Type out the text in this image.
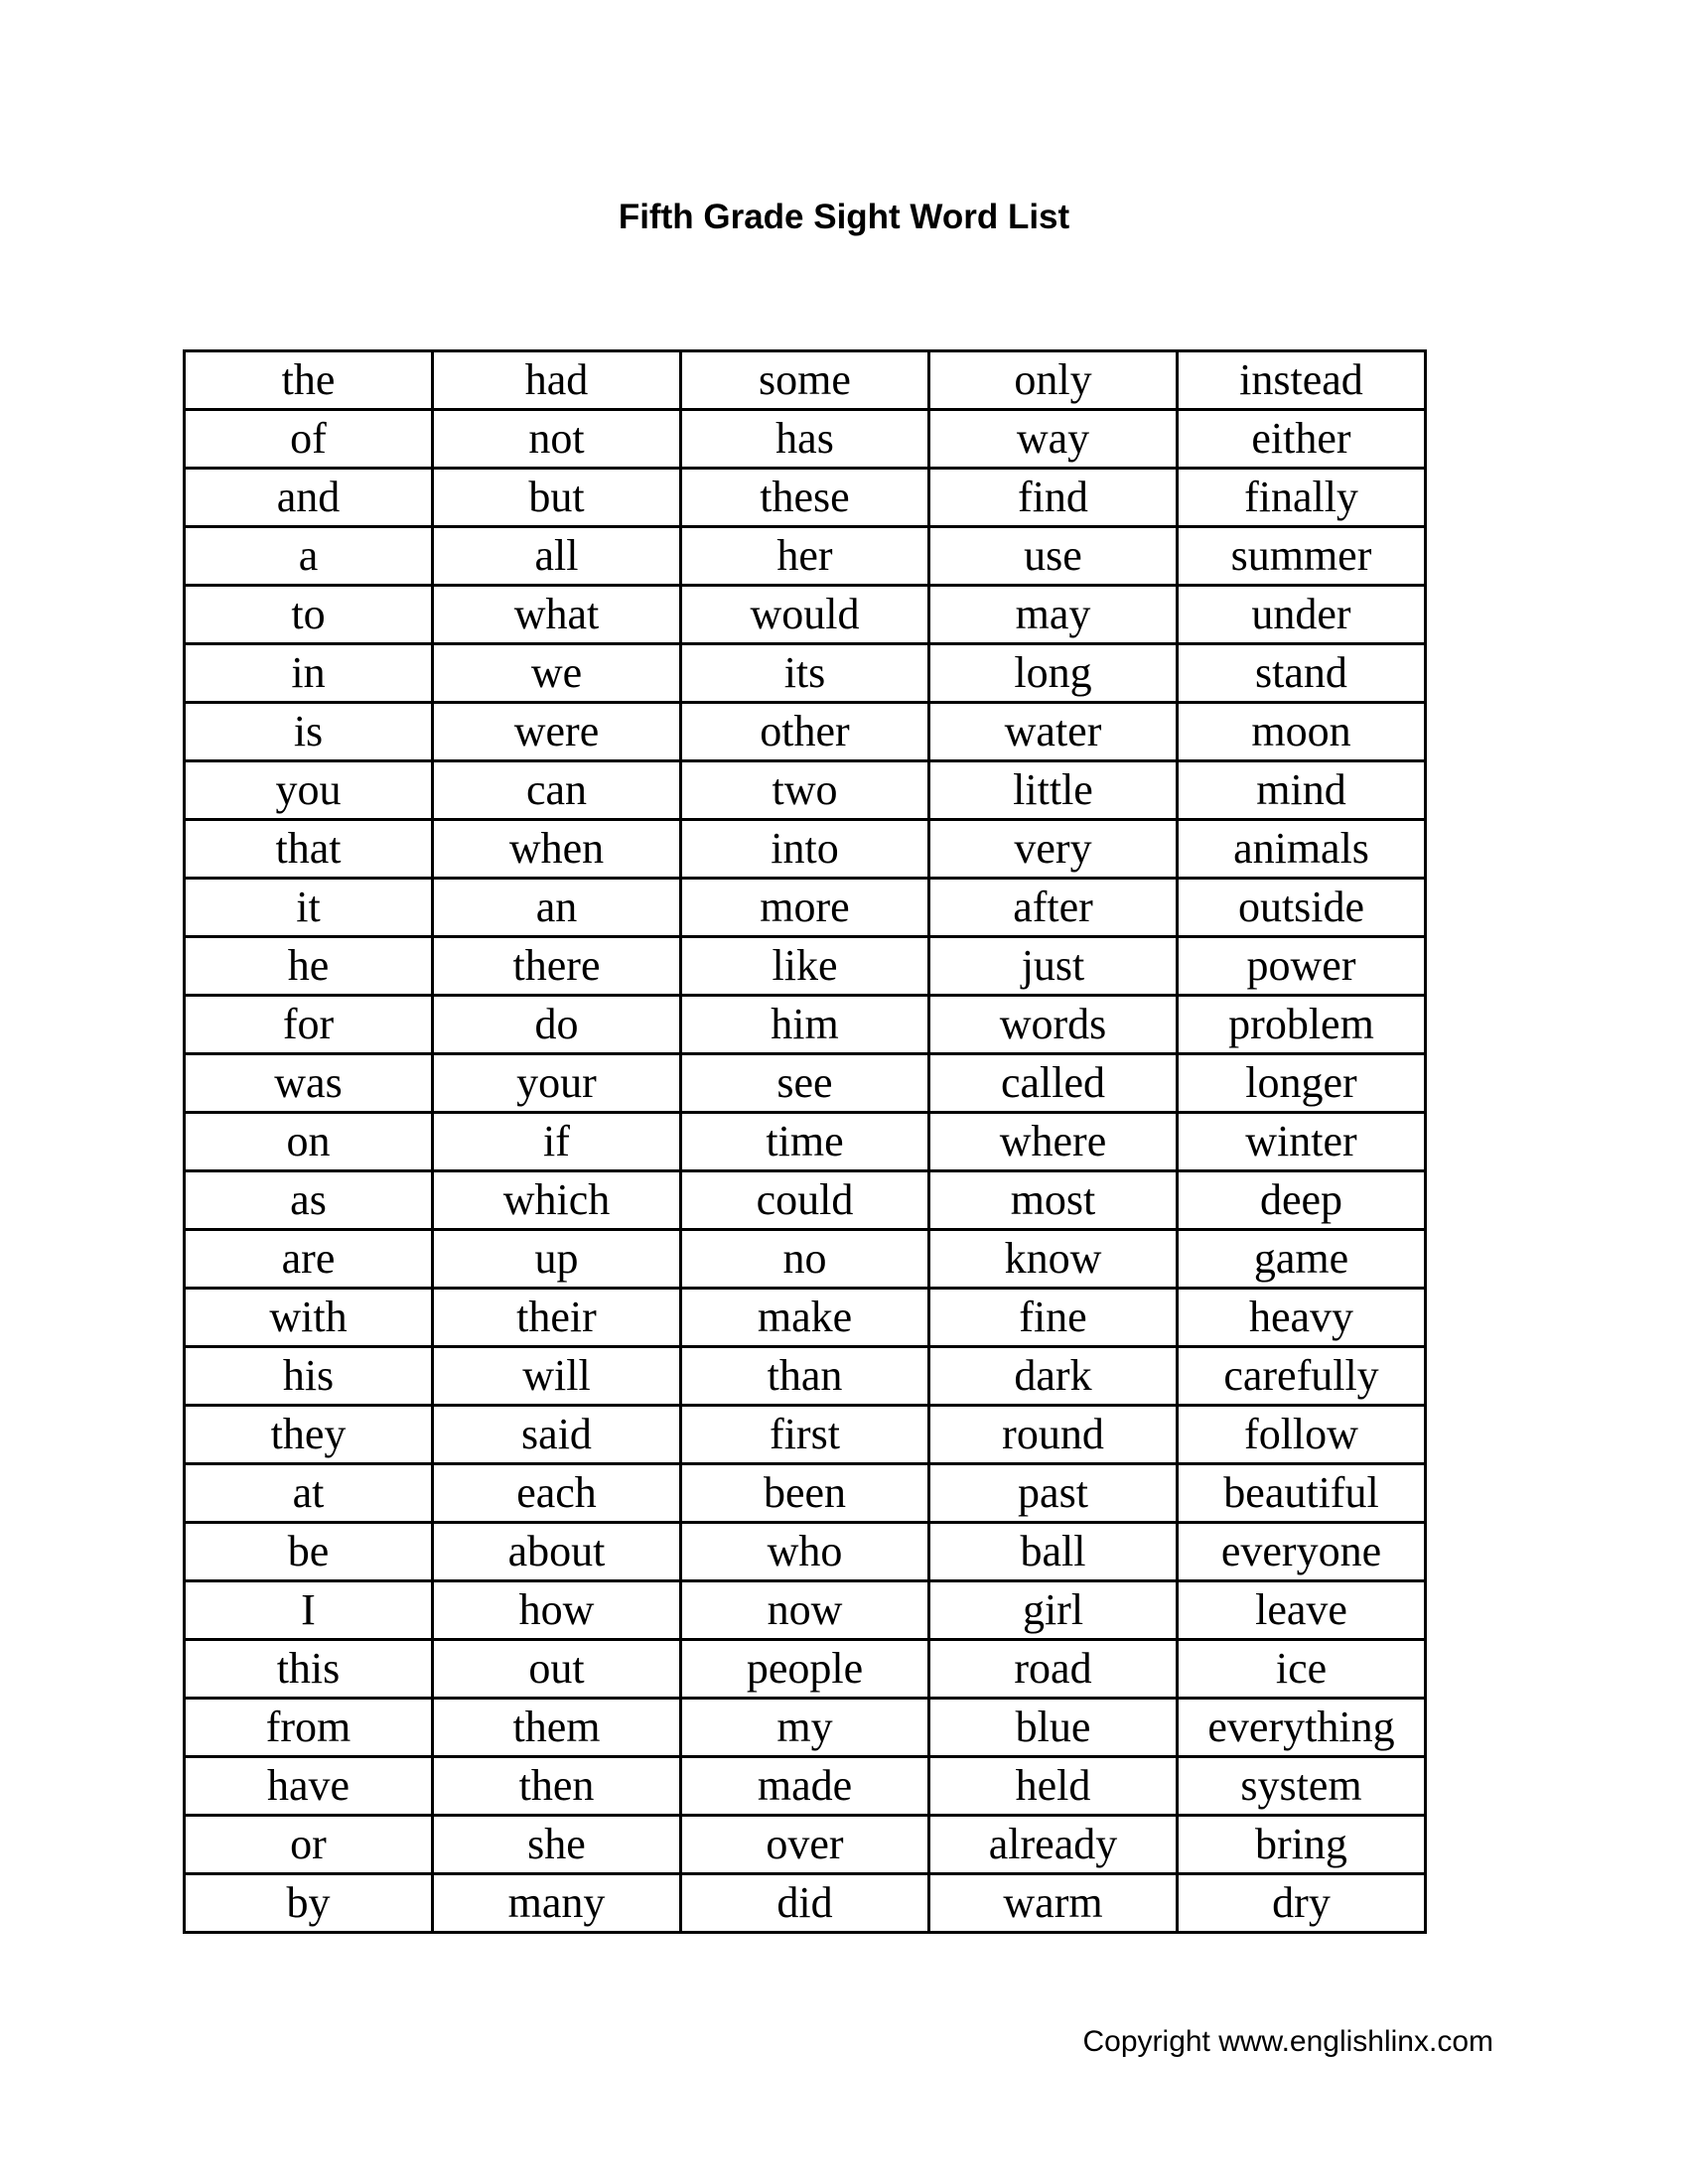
Fifth Grade Sight Word List
the	had	some	only	instead
of	not	has	way	either
and	but	these	find	finally
a	all	her	use	summer
to	what	would	may	under
in	we	its	long	stand
is	were	other	water	moon
you	can	two	little	mind
that	when	into	very	animals
it	an	more	after	outside
he	there	like	just	power
for	do	him	words	problem
was	your	see	called	longer
on	if	time	where	winter
as	which	could	most	deep
are	up	no	know	game
with	their	make	fine	heavy
his	will	than	dark	carefully
they	said	first	round	follow
at	each	been	past	beautiful
be	about	who	ball	everyone
I	how	now	girl	leave
this	out	people	road	ice
from	them	my	blue	everything
have	then	made	held	system
or	she	over	already	bring
by	many	did	warm	dry
Copyright www.englishlinx.com
